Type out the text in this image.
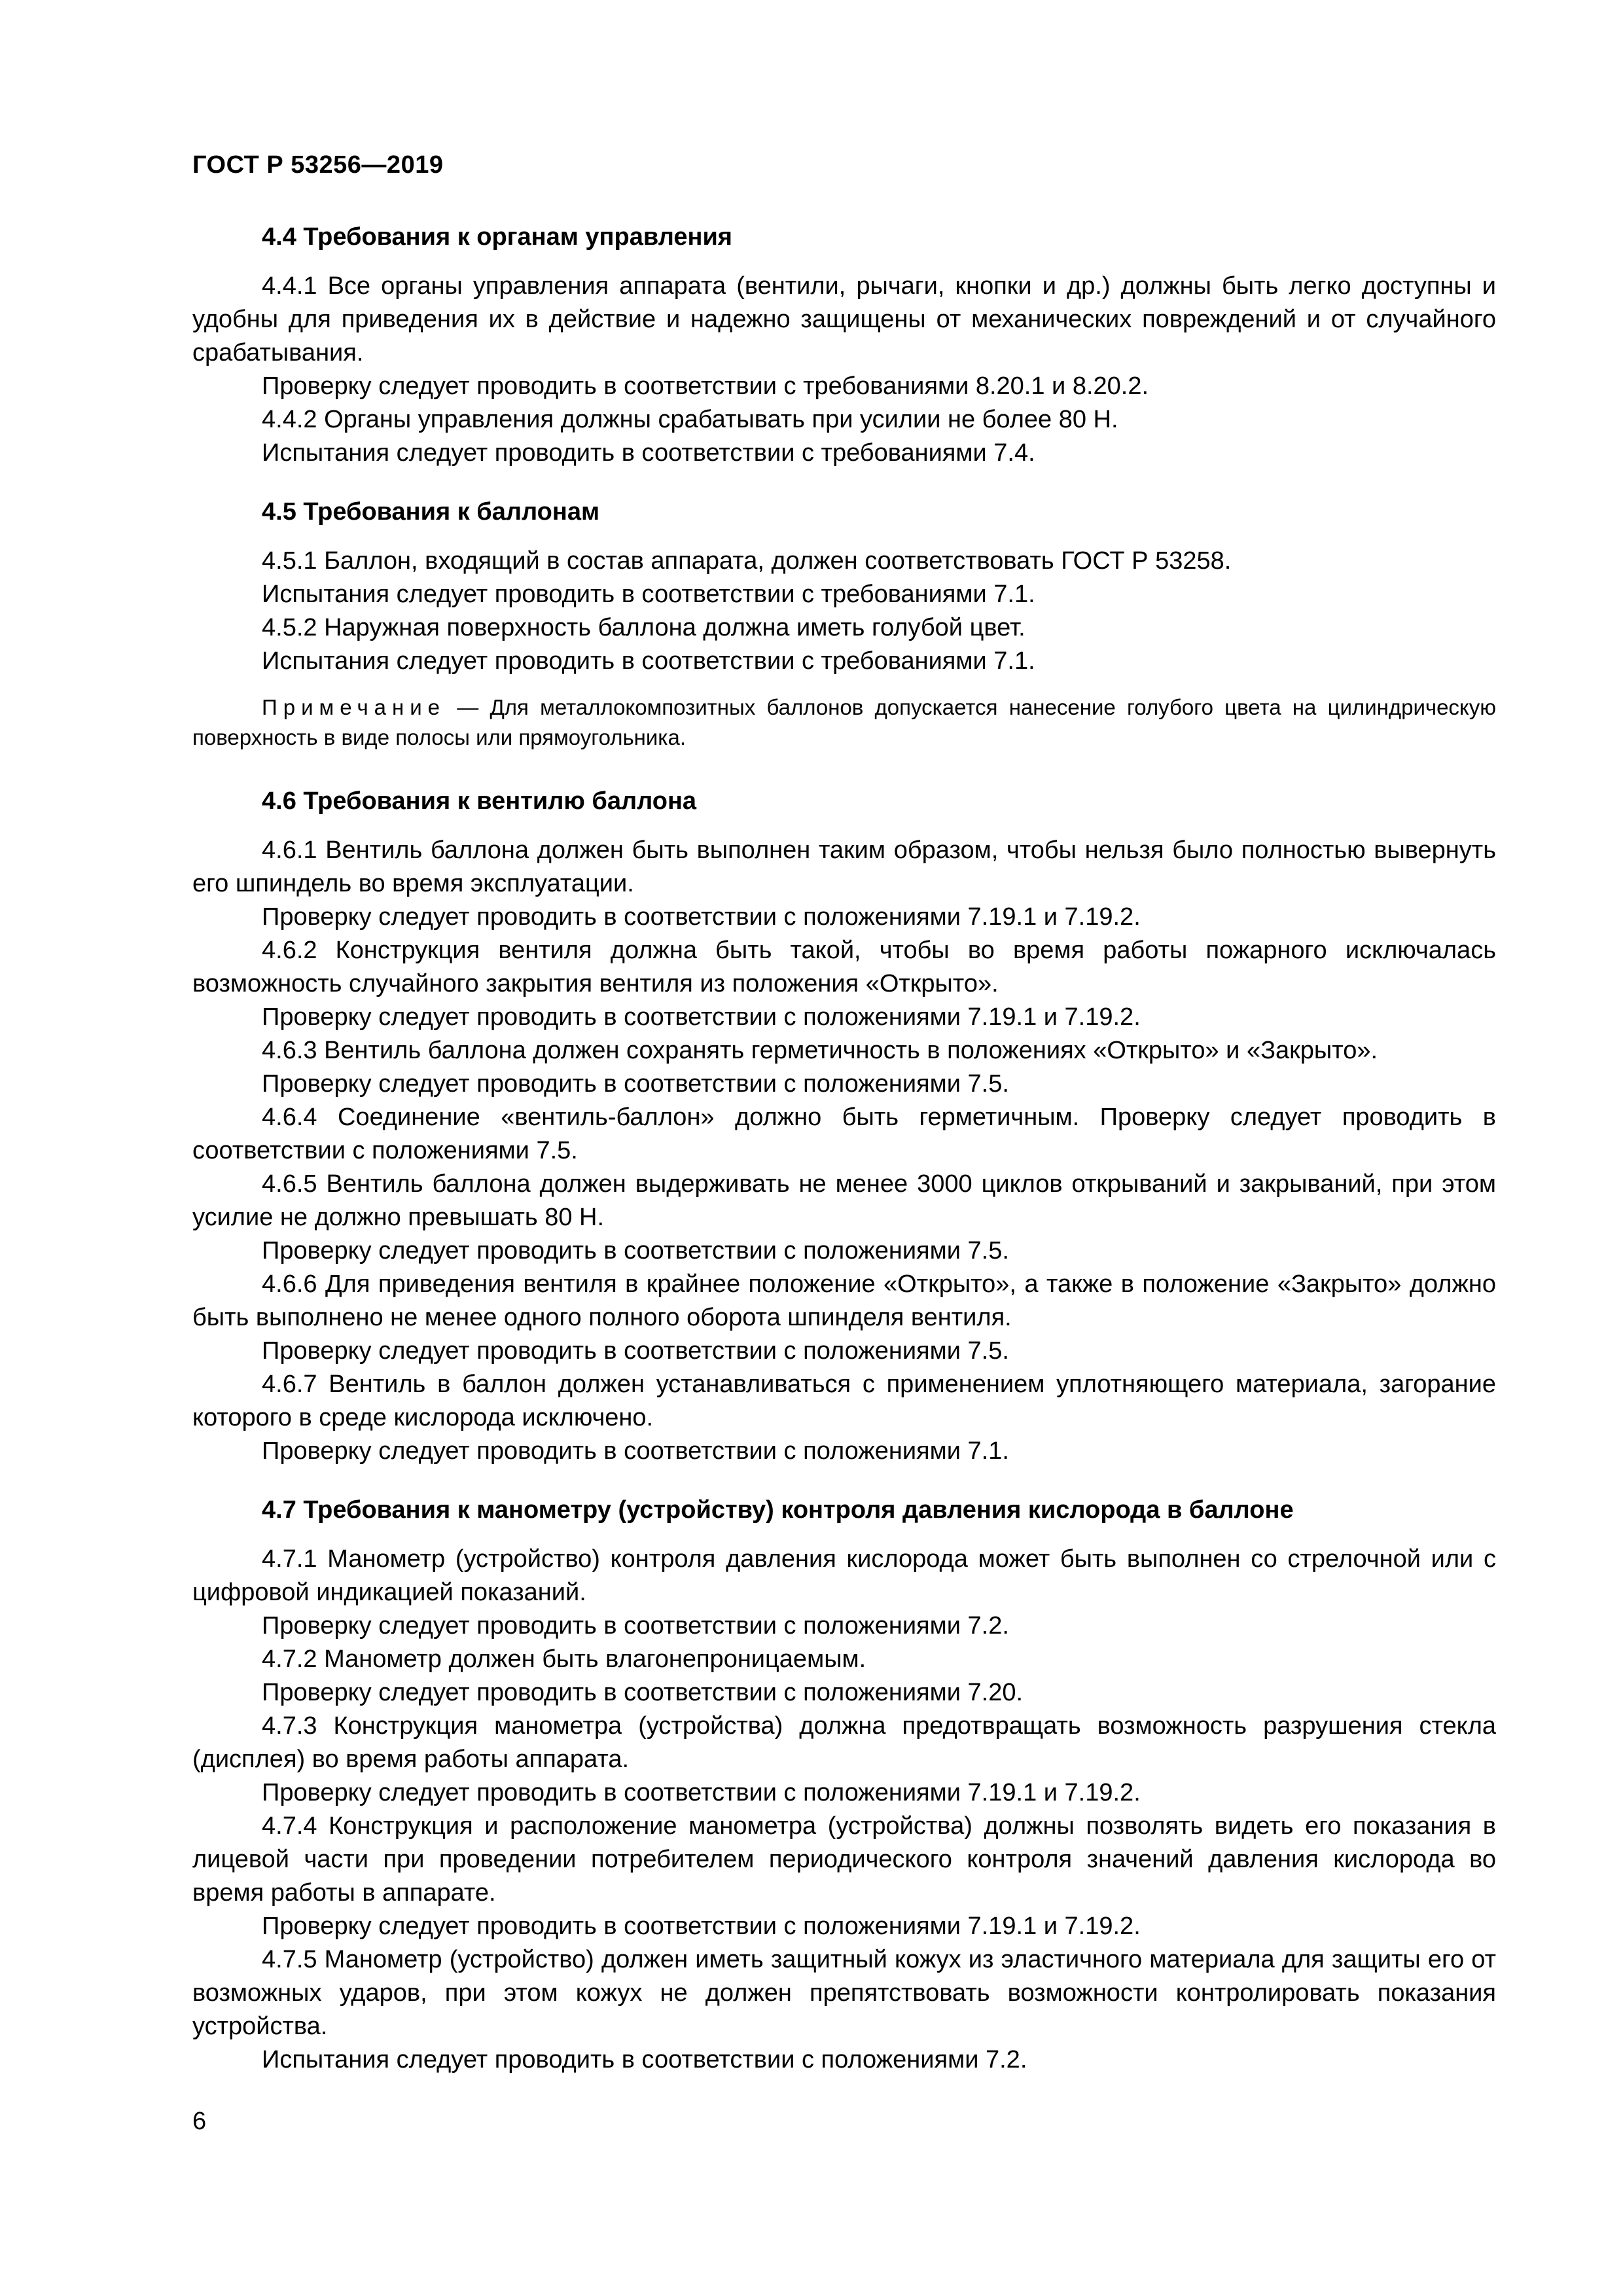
ГОСТ Р 53256—2019
4.4 Требования к органам управления

4.4.1 Все органы управления аппарата (вентили, рычаги, кнопки и др.) должны быть легко доступны и удобны для приведения их в действие и надежно защищены от механических повреждений и от случайного срабатывания.

Проверку следует проводить в соответствии с требованиями 8.20.1 и 8.20.2.

4.4.2 Органы управления должны срабатывать при усилии не более 80 Н.

Испытания следует проводить в соответствии с требованиями 7.4.

4.5 Требования к баллонам

4.5.1 Баллон, входящий в состав аппарата, должен соответствовать ГОСТ Р 53258.

Испытания следует проводить в соответствии с требованиями 7.1.

4.5.2 Наружная поверхность баллона должна иметь голубой цвет.

Испытания следует проводить в соответствии с требованиями 7.1.

Примечание — Для металлокомпозитных баллонов допускается нанесение голубого цвета на цилиндрическую поверхность в виде полосы или прямоугольника.
4.6 Требования к вентилю баллона

4.6.1 Вентиль баллона должен быть выполнен таким образом, чтобы нельзя было полностью вывернуть его шпиндель во время эксплуатации.

Проверку следует проводить в соответствии с положениями 7.19.1 и 7.19.2.

4.6.2 Конструкция вентиля должна быть такой, чтобы во время работы пожарного исключалась возможность случайного закрытия вентиля из положения «Открыто».

Проверку следует проводить в соответствии с положениями 7.19.1 и 7.19.2.

4.6.3 Вентиль баллона должен сохранять герметичность в положениях «Открыто» и «Закрыто».

Проверку следует проводить в соответствии с положениями 7.5.

4.6.4 Соединение «вентиль-баллон» должно быть герметичным. Проверку следует проводить в соответствии с положениями 7.5.

4.6.5 Вентиль баллона должен выдерживать не менее 3000 циклов открываний и закрываний, при этом усилие не должно превышать 80 Н.

Проверку следует проводить в соответствии с положениями 7.5.

4.6.6 Для приведения вентиля в крайнее положение «Открыто», а также в положение «Закрыто» должно быть выполнено не менее одного полного оборота шпинделя вентиля.

Проверку следует проводить в соответствии с положениями 7.5.

4.6.7 Вентиль в баллон должен устанавливаться с применением уплотняющего материала, загорание которого в среде кислорода исключено.

Проверку следует проводить в соответствии с положениями 7.1.

4.7 Требования к манометру (устройству) контроля давления кислорода в баллоне

4.7.1 Манометр (устройство) контроля давления кислорода может быть выполнен со стрелочной или с цифровой индикацией показаний.

Проверку следует проводить в соответствии с положениями 7.2.

4.7.2 Манометр должен быть влагонепроницаемым.

Проверку следует проводить в соответствии с положениями 7.20.

4.7.3 Конструкция манометра (устройства) должна предотвращать возможность разрушения стекла (дисплея) во время работы аппарата.

Проверку следует проводить в соответствии с положениями 7.19.1 и 7.19.2.

4.7.4 Конструкция и расположение манометра (устройства) должны позволять видеть его показания в лицевой части при проведении потребителем периодического контроля значений давления кислорода во время работы в аппарате.

Проверку следует проводить в соответствии с положениями 7.19.1 и 7.19.2.

4.7.5 Манометр (устройство) должен иметь защитный кожух из эластичного материала для защиты его от возможных ударов, при этом кожух не должен препятствовать возможности контролировать показания устройства.

Испытания следует проводить в соответствии с положениями 7.2.

6
